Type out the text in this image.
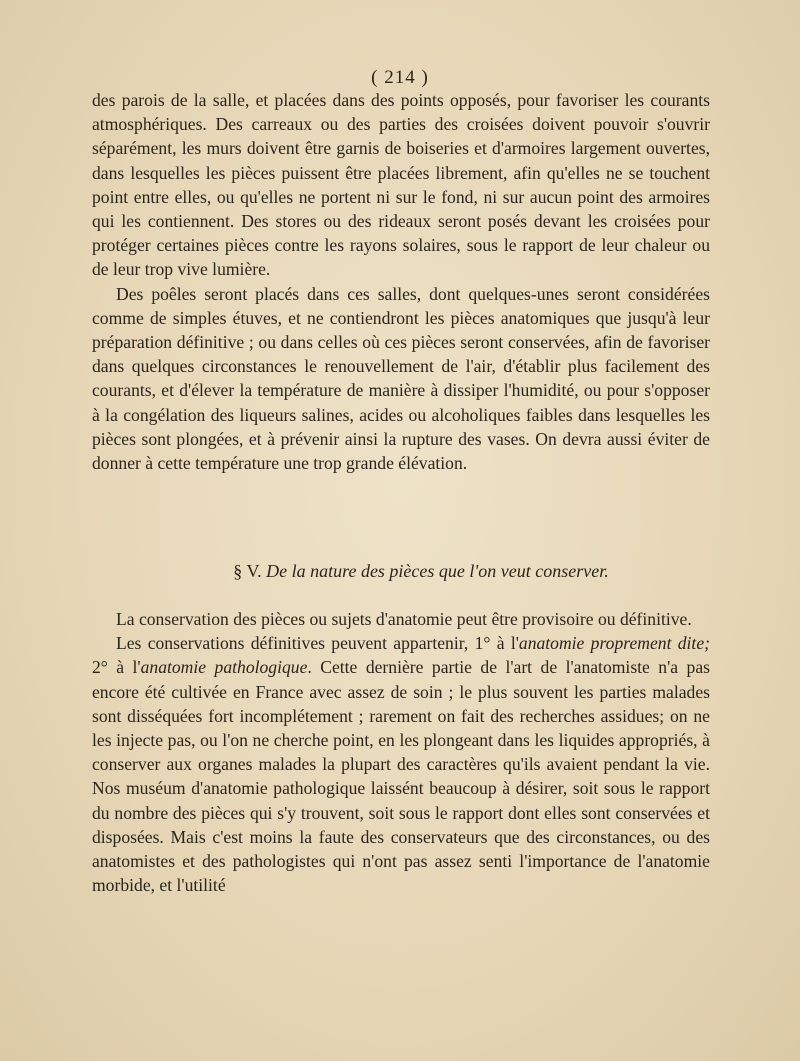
( 214 )

des parois de la salle, et placées dans des points opposés, pour favoriser les courants atmosphériques. Des carreaux ou des parties des croisées doivent pouvoir s'ouvrir séparément, les murs doivent être garnis de boiseries et d'armoires largement ouvertes, dans lesquelles les pièces puissent être placées librement, afin qu'elles ne se touchent point entre elles, ou qu'elles ne portent ni sur le fond, ni sur aucun point des armoires qui les contiennent. Des stores ou des rideaux seront posés devant les croisées pour protéger certaines pièces contre les rayons solaires, sous le rapport de leur chaleur ou de leur trop vive lumière.

Des poêles seront placés dans ces salles, dont quelques-unes seront considérées comme de simples étuves, et ne contiendront les pièces anatomiques que jusqu'à leur préparation définitive ; ou dans celles où ces pièces seront conservées, afin de favoriser dans quelques circonstances le renouvellement de l'air, d'établir plus facilement des courants, et d'élever la température de manière à dissiper l'humidité, ou pour s'opposer à la congélation des liqueurs salines, acides ou alcoholiques faibles dans lesquelles les pièces sont plongées, et à prévenir ainsi la rupture des vases. On devra aussi éviter de donner à cette température une trop grande élévation.

§ V. De la nature des pièces que l'on veut conserver.

La conservation des pièces ou sujets d'anatomie peut être provisoire ou définitive.

Les conservations définitives peuvent appartenir, 1° à l'anatomie proprement dite; 2° à l'anatomie pathologique. Cette dernière partie de l'art de l'anatomiste n'a pas encore été cultivée en France avec assez de soin ; le plus souvent les parties malades sont disséquées fort incomplétement ; rarement on fait des recherches assidues; on ne les injecte pas, ou l'on ne cherche point, en les plongeant dans les liquides appropriés, à conserver aux organes malades la plupart des caractères qu'ils avaient pendant la vie. Nos muséum d'anatomie pathologique laissént beaucoup à désirer, soit sous le rapport du nombre des pièces qui s'y trouvent, soit sous le rapport dont elles sont conservées et disposées. Mais c'est moins la faute des conservateurs que des circonstances, ou des anatomistes et des pathologistes qui n'ont pas assez senti l'importance de l'anatomie morbide, et l'utilité
